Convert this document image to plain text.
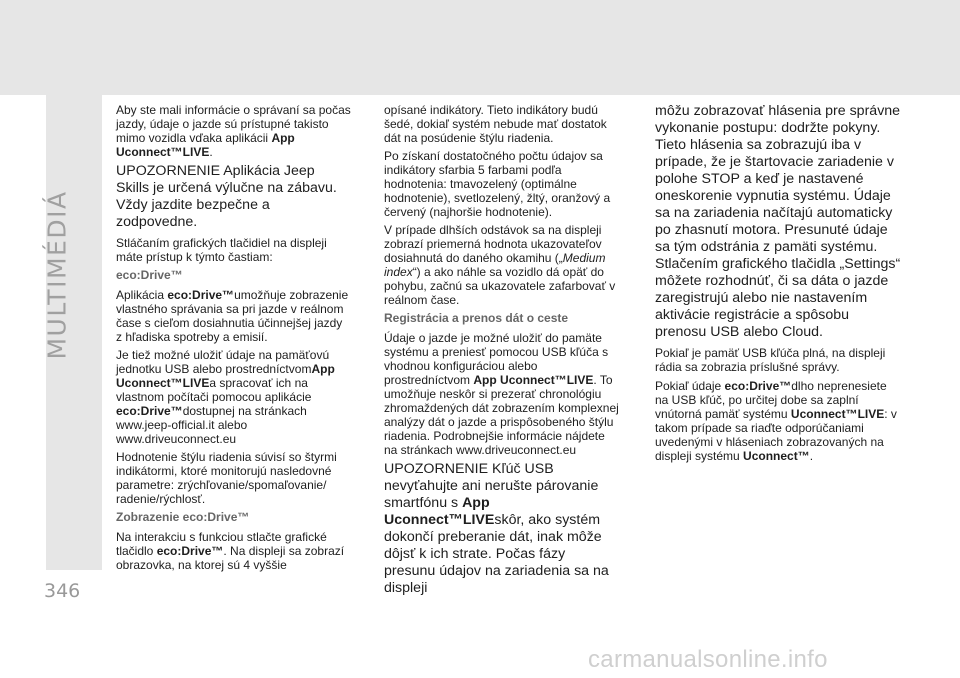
MULTIMÉDIÁ

Aby ste mali informácie o správaní sa počas jazdy, údaje o jazde sú prístupné takisto mimo vozidla vďaka aplikácii App Uconnect™LIVE.

UPOZORNENIE Aplikácia Jeep Skills je určená výlučne na zábavu. Vždy jazdite bezpečne a zodpovedne.

Stláčaním grafických tlačidiel na displeji máte prístup k týmto častiam:

eco:Drive™

Aplikácia eco:Drive™umožňuje zobrazenie vlastného správania sa pri jazde v reálnom čase s cieľom dosiahnutia účinnejšej jazdy z hľadiska spotreby a emisií.

Je tiež možné uložiť údaje na pamäťovú jednotku USB alebo prostredníctvomApp Uconnect™LIVEa spracovať ich na vlastnom počítači pomocou aplikácie eco:Drive™dostupnej na stránkach www.jeep-official.it alebo www.driveuconnect.eu

Hodnotenie štýlu riadenia súvisí so štyrmi indikátormi, ktoré monitorujú nasledovné parametre: zrýchľovanie/spomaľovanie/ radenie/rýchlosť.

Zobrazenie eco:Drive™

Na interakciu s funkciou stlačte grafické tlačidlo eco:Drive™. Na displeji sa zobrazí obrazovka, na ktorej sú 4 vyššie

opísané indikátory. Tieto indikátory budú šedé, dokiaľ systém nebude mať dostatok dát na posúdenie štýlu riadenia.

Po získaní dostatočného počtu údajov sa indikátory sfarbia 5 farbami podľa hodnotenia: tmavozelený (optimálne hodnotenie), svetlozelený, žltý, oranžový a červený (najhoršie hodnotenie).

V prípade dlhších odstávok sa na displeji zobrazí priemerná hodnota ukazovateľov dosiahnutá do daného okamihu („Medium index“) a ako náhle sa vozidlo dá opäť do pohybu, začnú sa ukazovatele zafarbovať v reálnom čase.

Registrácia a prenos dát o ceste

Údaje o jazde je možné uložiť do pamäte systému a preniesť pomocou USB kľúča s vhodnou konfiguráciou alebo prostredníctvom App Uconnect™LIVE. To umožňuje neskôr si prezerať chronológiu zhromaždených dát zobrazením komplexnej analýzy dát o jazde a prispôsobeného štýlu riadenia. Podrobnejšie informácie nájdete na stránkach www.driveuconnect.eu

UPOZORNENIE Kľúč USB nevyťahujte ani nerušte párovanie smartfónu s App Uconnect™LIVEskôr, ako systém dokončí preberanie dát, inak môže dôjsť k ich strate. Počas fázy presunu údajov na zariadenia sa na displeji

môžu zobrazovať hlásenia pre správne vykonanie postupu: dodržte pokyny. Tieto hlásenia sa zobrazujú iba v prípade, že je štartovacie zariadenie v polohe STOP a keď je nastavené oneskorenie vypnutia systému. Údaje sa na zariadenia načítajú automaticky po zhasnutí motora. Presunuté údaje sa tým odstránia z pamäti systému. Stlačením grafického tlačidla „Settings“ môžete rozhodnúť, či sa dáta o jazde zaregistrujú alebo nie nastavením aktivácie registrácie a spôsobu prenosu USB alebo Cloud.

Pokiaľ je pamäť USB kľúča plná, na displeji rádia sa zobrazia príslušné správy.

Pokiaľ údaje eco:Drive™dlho neprenesiete na USB kľúč, po určitej dobe sa zaplní vnútorná pamäť systému Uconnect™LIVE: v takom prípade sa riaďte odporúčaniami uvedenými v hláseniach zobrazovaných na displeji systému Uconnect™.

346
carmanualsonline.info
